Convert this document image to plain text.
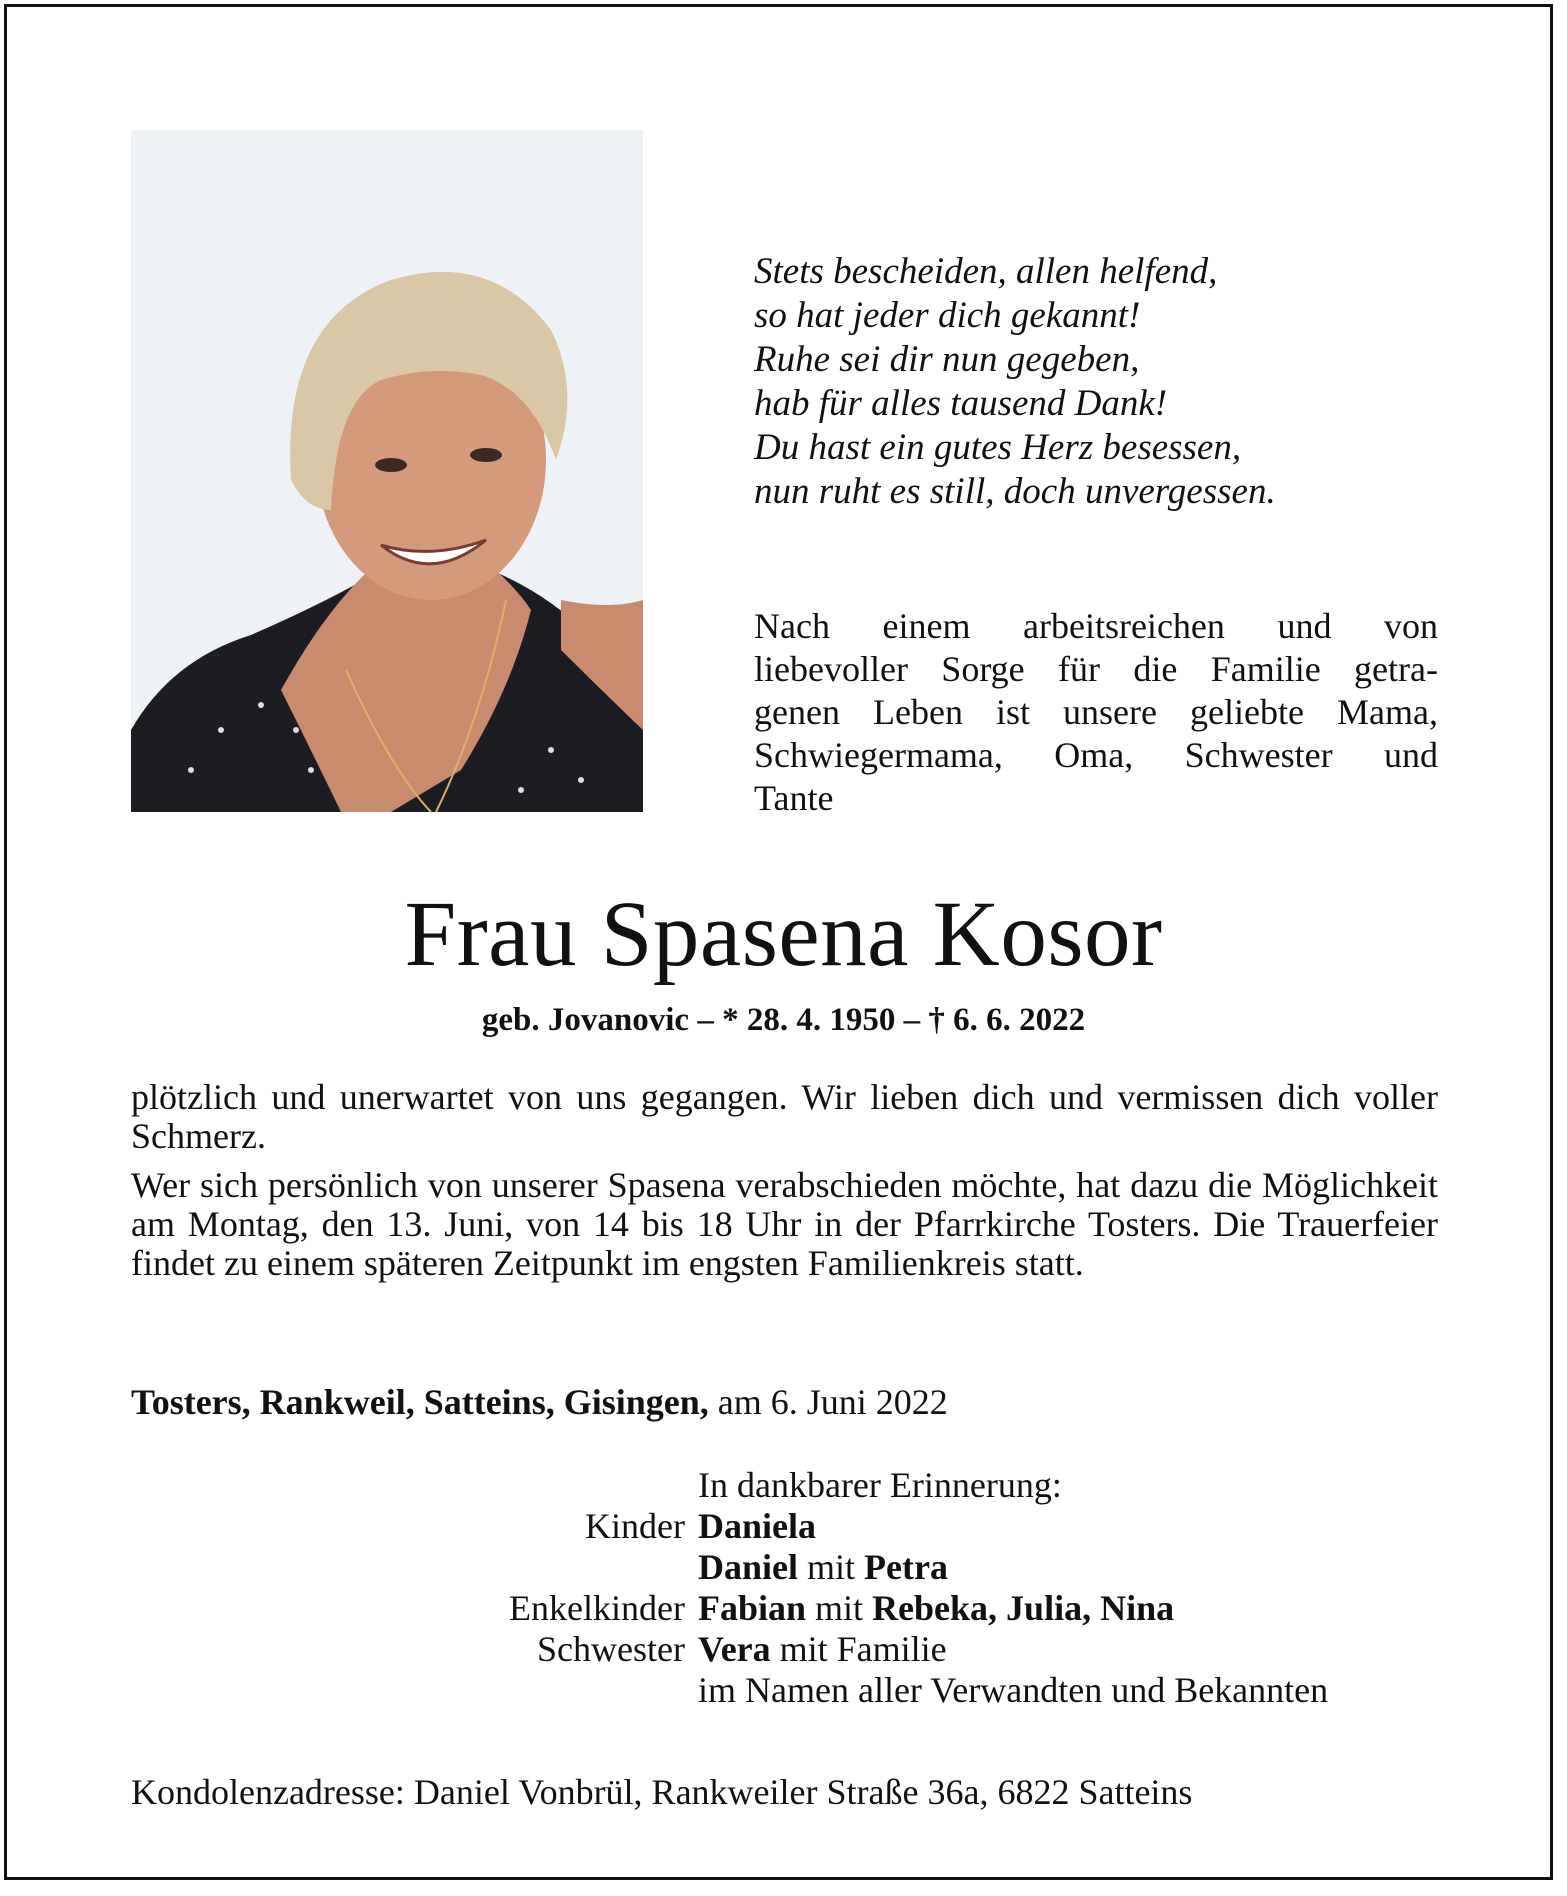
Stets bescheiden, allen helfend,
so hat jeder dich gekannt!
Ruhe sei dir nun gegeben,
hab für alles tausend Dank!
Du hast ein gutes Herz besessen,
nun ruht es still, doch unvergessen.
Nach einem arbeitsreichen und von
liebevoller Sorge für die Familie getra-
genen Leben ist unsere geliebte Mama,
Schwiegermama, Oma, Schwester und
Tante
Frau Spasena Kosor
geb. Jovanovic – * 28. 4. 1950 – † 6. 6. 2022

plötzlich und unerwartet von uns gegangen. Wir lieben dich und vermissen dich voller Schmerz.

Wer sich persönlich von unserer Spasena verabschieden möchte, hat dazu die Möglichkeit am Montag, den 13. Juni, von 14 bis 18 Uhr in der Pfarrkirche Tosters. Die Trauerfeier findet zu einem späteren Zeitpunkt im engsten Familienkreis statt.

Tosters, Rankweil, Satteins, Gisingen, am 6. Juni 2022
In dankbarer Erinnerung:
Kinder Daniela
Daniel mit Petra
Enkelkinder Fabian mit Rebeka, Julia, Nina
Schwester Vera mit Familie
im Namen aller Verwandten und Bekannten
Kondolenzadresse: Daniel Vonbrül, Rankweiler Straße 36a, 6822 Satteins
